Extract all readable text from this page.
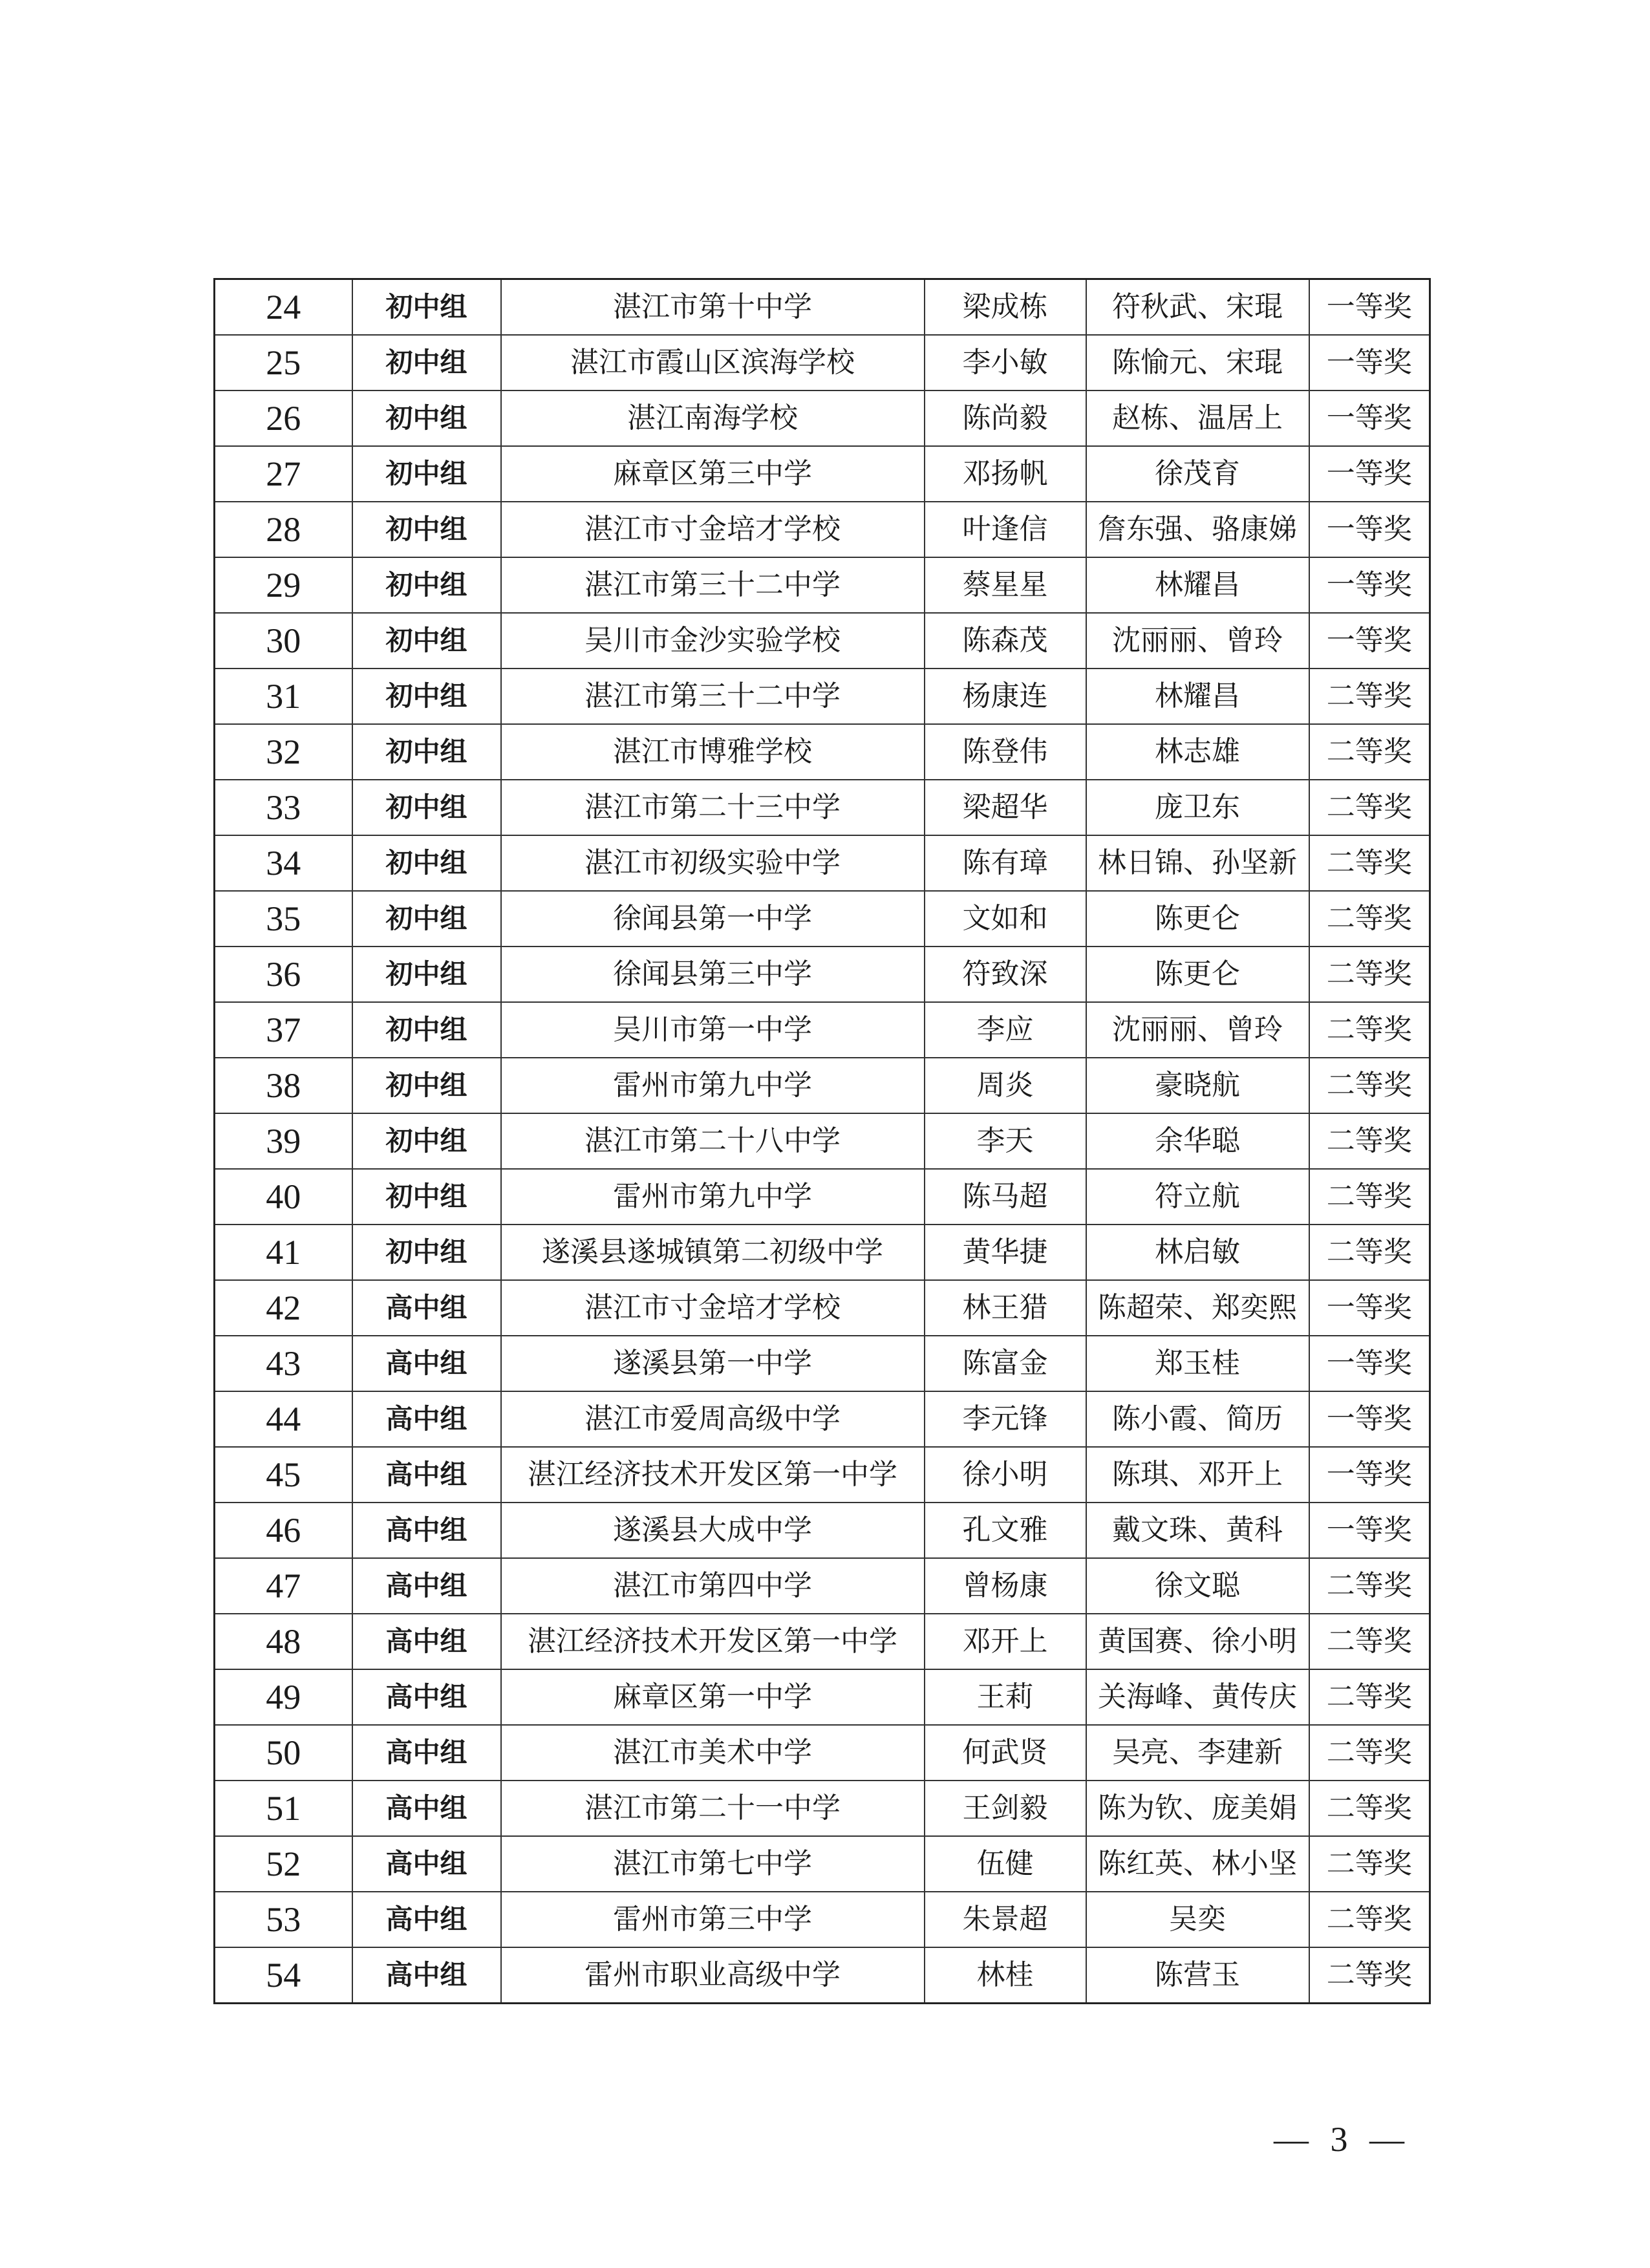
24	初中组	湛江市第十中学	梁成栋	符秋武、宋琨	一等奖
25	初中组	湛江市霞山区滨海学校	李小敏	陈愉元、宋琨	一等奖
26	初中组	湛江南海学校	陈尚毅	赵栋、温居上	一等奖
27	初中组	麻章区第三中学	邓扬帆	徐茂育	一等奖
28	初中组	湛江市寸金培才学校	叶逢信	詹东强、骆康娣	一等奖
29	初中组	湛江市第三十二中学	蔡星星	林耀昌	一等奖
30	初中组	吴川市金沙实验学校	陈森茂	沈丽丽、曾玲	一等奖
31	初中组	湛江市第三十二中学	杨康连	林耀昌	二等奖
32	初中组	湛江市博雅学校	陈登伟	林志雄	二等奖
33	初中组	湛江市第二十三中学	梁超华	庞卫东	二等奖
34	初中组	湛江市初级实验中学	陈有璋	林日锦、孙坚新	二等奖
35	初中组	徐闻县第一中学	文如和	陈更仑	二等奖
36	初中组	徐闻县第三中学	符致深	陈更仑	二等奖
37	初中组	吴川市第一中学	李应	沈丽丽、曾玲	二等奖
38	初中组	雷州市第九中学	周炎	豪晓航	二等奖
39	初中组	湛江市第二十八中学	李天	余华聪	二等奖
40	初中组	雷州市第九中学	陈马超	符立航	二等奖
41	初中组	遂溪县遂城镇第二初级中学	黄华捷	林启敏	二等奖
42	高中组	湛江市寸金培才学校	林王猎	陈超荣、郑奕熙	一等奖
43	高中组	遂溪县第一中学	陈富金	郑玉桂	一等奖
44	高中组	湛江市爱周高级中学	李元锋	陈小霞、简历	一等奖
45	高中组	湛江经济技术开发区第一中学	徐小明	陈琪、邓开上	一等奖
46	高中组	遂溪县大成中学	孔文雅	戴文珠、黄科	一等奖
47	高中组	湛江市第四中学	曾杨康	徐文聪	二等奖
48	高中组	湛江经济技术开发区第一中学	邓开上	黄国赛、徐小明	二等奖
49	高中组	麻章区第一中学	王莉	关海峰、黄传庆	二等奖
50	高中组	湛江市美术中学	何武贤	吴亮、李建新	二等奖
51	高中组	湛江市第二十一中学	王剑毅	陈为钦、庞美娟	二等奖
52	高中组	湛江市第七中学	伍健	陈红英、林小坚	二等奖
53	高中组	雷州市第三中学	朱景超	吴奕	二等奖
54	高中组	雷州市职业高级中学	林桂	陈营玉	二等奖
— 3 —
